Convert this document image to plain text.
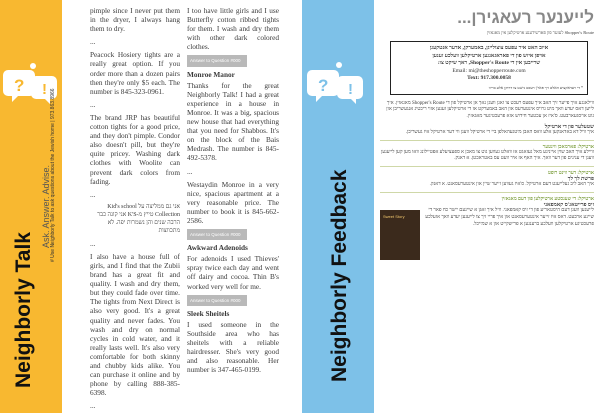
? !
Neighborly Talk
Ask. Answer. Advise. # Use Neighborly Talk to ask questions about the Jewish home | 973.863.8966

pimple since I never put them in the dryer, I always hang them to dry.

...

Peacock Hosiery tights are a really great option. If you order more than a dozen pairs then they're only $5 each. The number is 845-323-0961.

...

The brand JRP has beautiful cotton tights for a good price, and they don't pimple. Condor also doesn't pill, but they're quite pricey. Washing dark clothes with Woolite can prevent dark colors from fading.

...

אני גם ממליצה על Kid's school Collection טייץ מ-K'S אני קונה כבר הרבה שנים והן נשמרות יפה. לא מתכווצות

...

I also have a house full of girls, and I find that the Zubii brand has a great fit and quality. I wash and dry them, but they could fade over time. The tights from Next Direct is also very good. It's a great quality and never fades. You wash and dry on normal cycles in cold water, and it really lasts well. It's also very comfortable for both skinny and chubby kids alike. You can purchase it online and by phone by calling 888-385-6398.

...

I too have little girls and I use Butterfly cotton ribbed tights for them. I wash and dry them with other dark colored clothes.

Answer to Question #000

Monroe Manor

Thanks for the great Neighborly Talk! I had a great experience in a house in Monroe. It was a big, spacious new house that had everything that you need for Shabbos. It's on the block of the Bais Medrash. The number is 845-492-5378.

...

Westaydin Monroe in a very nice, spacious apartment at a very reasonable price. The number to book it is 845-662-2586.

Answer to Question #000

Awkward Adenoids

For adenoids I used Thieves' spray twice each day and went off dairy and cocoa. Thin B's worked very well for me.

Answer to Question #000

Sleek Sheitels

I used someone in the Southside area who has sheitels with a reliable hairdresser. She's very good and also reasonable. Her number is 347-465-0199.

? !
Neighborly Feedback
לייענער רעאגירן...
Shopper's Route לעזער פון פארשידענע ארטיקלען אין מאגאזין
איוב האט איר עפעס צוצולייגן, באמערקן, אדער אנטקעגן
אויפן איזש פון די פאראגאנגען ארטיקלען וועלכע זענען
שרייבען אין די Shopper's Route, ראך שיקט צו:
Email: mi@theshopperroute.com
Text: 917.300.0058
* די רעדאקציע האלט זיך פאר'ן רעכט נישט צו דרוקן אלע בריוו
ווילאנגע איך פייער זיך האב איך עפעס רעכט צו זאגן וועגן נאך אן ארטיקל פון די Shopper's Route מאגאזין. איך לייען דאס יעדע וואך מיט גרויס אינטערעס און האב באמערקט אז די ארטיקלען זענען אזוי ריכטיג אנגעשריבן און גוט אויסגעארבעט. ס'איז אן עכטער חידוש אזא פרעכטיגער מאגאזין.
שטעלער פון די ארטיקל
איך וויל דא באדאנקען אלע וואס האבן מיטגעהאלפן ביי די ארטיקל וועגן ווי דער ארטיקל איז געשריבן.
ארטיקל: פארמאכן ווינטער
וויילע איך האב שוין אייניגע מאל געזאגט אז וואלט געווען גוט צו מאכן א ספעציעלע אפטיילונג וואו מען קען לייענען וועגן די ענינים פון דער וואך. איך האף אז איר וועט עס באטראכטן. א דאנק.
ארטיקל: דער ווינט רופט
פרשת לך לך
איך האב ליב געלייענט דעם ארטיקל. ס'איז געווען זייער שיין און אינטערעסאנט. א דאנק.
ארטיקל: די שענסטע ארטיקלען פון דעם מאגאזין
זיס פרייטאג'ס קאמפאני
Sweet Story
לייענען וועגן דעם היסטאריע פון די זיס קאמפאני. וויל איך זאגן א שיינעם יישר כח פאר די שיינע ארבעט. דאס איז זייער אינטערעסאנט און איך פריי זיך צו לייענען יעדע וואך אזעלכע פרעכטיגע ארטיקלען וועלכע ברענגען א פרישקייט און א שמייכל.
